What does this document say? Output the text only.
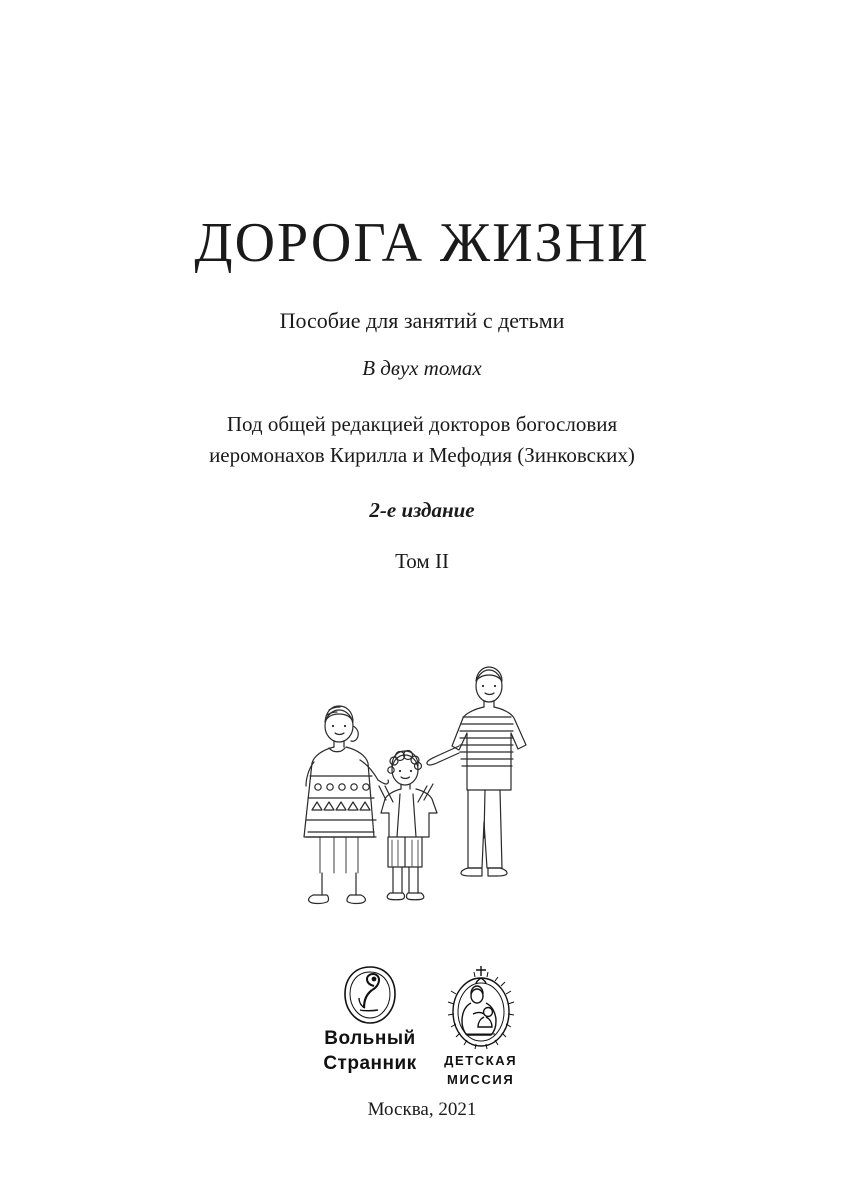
ДОРОГА ЖИЗНИ

Пособие для занятий с детьми

В двух томах

Под общей редакцией докторов богословия
иеромонахов Кирилла и Мефодия (Зинковских)

2-е издание

Том II

Вольный
Странник ДЕТСКАЯ
МИССИЯ
Москва, 2021
